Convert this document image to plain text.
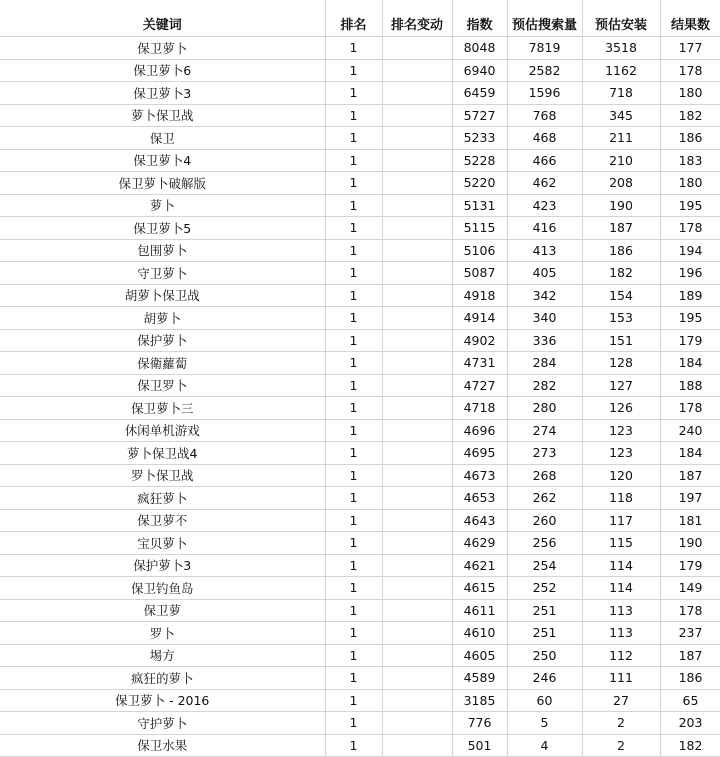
关键词	排名	排名变动	指数	预估搜索量	预估安装	结果数
保卫萝卜	1		8048	7819	3518	177
保卫萝卜6	1		6940	2582	1162	178
保卫萝卜3	1		6459	1596	718	180
萝卜保卫战	1		5727	768	345	182
保卫	1		5233	468	211	186
保卫萝卜4	1		5228	466	210	183
保卫萝卜破解版	1		5220	462	208	180
萝卜	1		5131	423	190	195
保卫萝卜5	1		5115	416	187	178
包围萝卜	1		5106	413	186	194
守卫萝卜	1		5087	405	182	196
胡萝卜保卫战	1		4918	342	154	189
胡萝卜	1		4914	340	153	195
保护萝卜	1		4902	336	151	179
保衛蘿蔔	1		4731	284	128	184
保卫罗卜	1		4727	282	127	188
保卫萝卜三	1		4718	280	126	178
休闲单机游戏	1		4696	274	123	240
萝卜保卫战4	1		4695	273	123	184
罗卜保卫战	1		4673	268	120	187
疯狂萝卜	1		4653	262	118	197
保卫萝不	1		4643	260	117	181
宝贝萝卜	1		4629	256	115	190
保护萝卜3	1		4621	254	114	179
保卫钓鱼岛	1		4615	252	114	149
保卫萝	1		4611	251	113	178
罗卜	1		4610	251	113	237
埸方	1		4605	250	112	187
疯狂的萝卜	1		4589	246	111	186
保卫萝卜 - 2016	1		3185	60	27	65
守护萝卜	1		776	5	2	203
保卫水果	1		501	4	2	182
